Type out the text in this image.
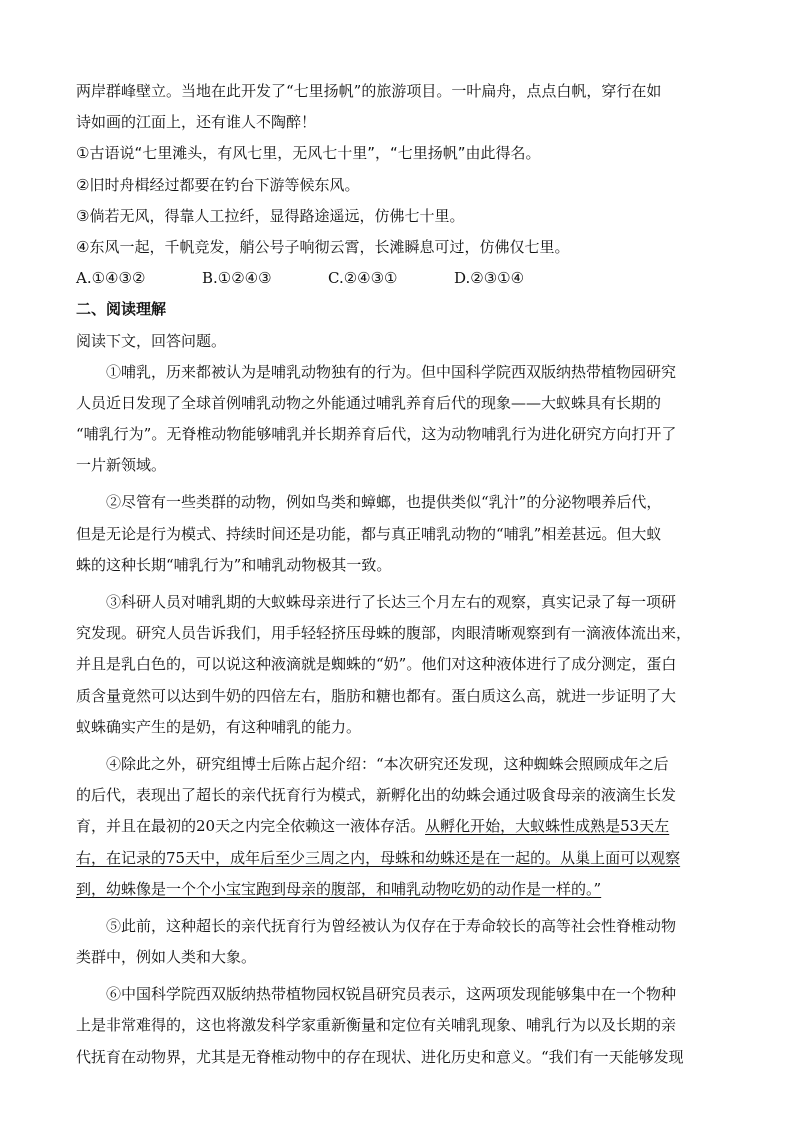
两岸群峰壁立。当地在此开发了“七里扬帆”的旅游项目。一叶扁舟，点点白帆，穿行在如
诗如画的江面上，还有谁人不陶醉！
①古语说“七里滩头，有风七里，无风七十里”，“七里扬帆”由此得名。
②旧时舟楫经过都要在钓台下游等候东风。
③倘若无风，得靠人工拉纤，显得路途遥远，仿佛七十里。
④东风一起，千帆竞发，艄公号子响彻云霄，长滩瞬息可过，仿佛仅七里。
A.①④③②	B.①②④③	C.②④③①	D.②③①④
二、阅读理解
阅读下文，回答问题。
①哺乳，历来都被认为是哺乳动物独有的行为。但中国科学院西双版纳热带植物园研究
人员近日发现了全球首例哺乳动物之外能通过哺乳养育后代的现象——大蚁蛛具有长期的
“哺乳行为”。无脊椎动物能够哺乳并长期养育后代，这为动物哺乳行为进化研究方向打开了
一片新领域。
②尽管有一些类群的动物，例如鸟类和蟑螂，也提供类似“乳汁”的分泌物喂养后代，
但是无论是行为模式、持续时间还是功能，都与真正哺乳动物的“哺乳”相差甚远。但大蚁
蛛的这种长期“哺乳行为”和哺乳动物极其一致。
③科研人员对哺乳期的大蚁蛛母亲进行了长达三个月左右的观察，真实记录了每一项研
究发现。研究人员告诉我们，用手轻轻挤压母蛛的腹部，肉眼清晰观察到有一滴液体流出来，
并且是乳白色的，可以说这种液滴就是蜘蛛的“奶”。他们对这种液体进行了成分测定，蛋白
质含量竟然可以达到牛奶的四倍左右，脂肪和糖也都有。蛋白质这么高，就进一步证明了大
蚁蛛确实产生的是奶，有这种哺乳的能力。
④除此之外，研究组博士后陈占起介绍：“本次研究还发现，这种蜘蛛会照顾成年之后
的后代，表现出了超长的亲代抚育行为模式，新孵化出的幼蛛会通过吸食母亲的液滴生长发
育，并且在最初的20天之内完全依赖这一液体存活。从孵化开始，大蚁蛛性成熟是53天左
右，在记录的75天中，成年后至少三周之内，母蛛和幼蛛还是在一起的。从巢上面可以观察
到，幼蛛像是一个个小宝宝跑到母亲的腹部，和哺乳动物吃奶的动作是一样的。”
⑤此前，这种超长的亲代抚育行为曾经被认为仅存在于寿命较长的高等社会性脊椎动物
类群中，例如人类和大象。
⑥中国科学院西双版纳热带植物园权锐昌研究员表示，这两项发现能够集中在一个物种
上是非常难得的，这也将激发科学家重新衡量和定位有关哺乳现象、哺乳行为以及长期的亲
代抚育在动物界，尤其是无脊椎动物中的存在现状、进化历史和意义。“我们有一天能够发现
